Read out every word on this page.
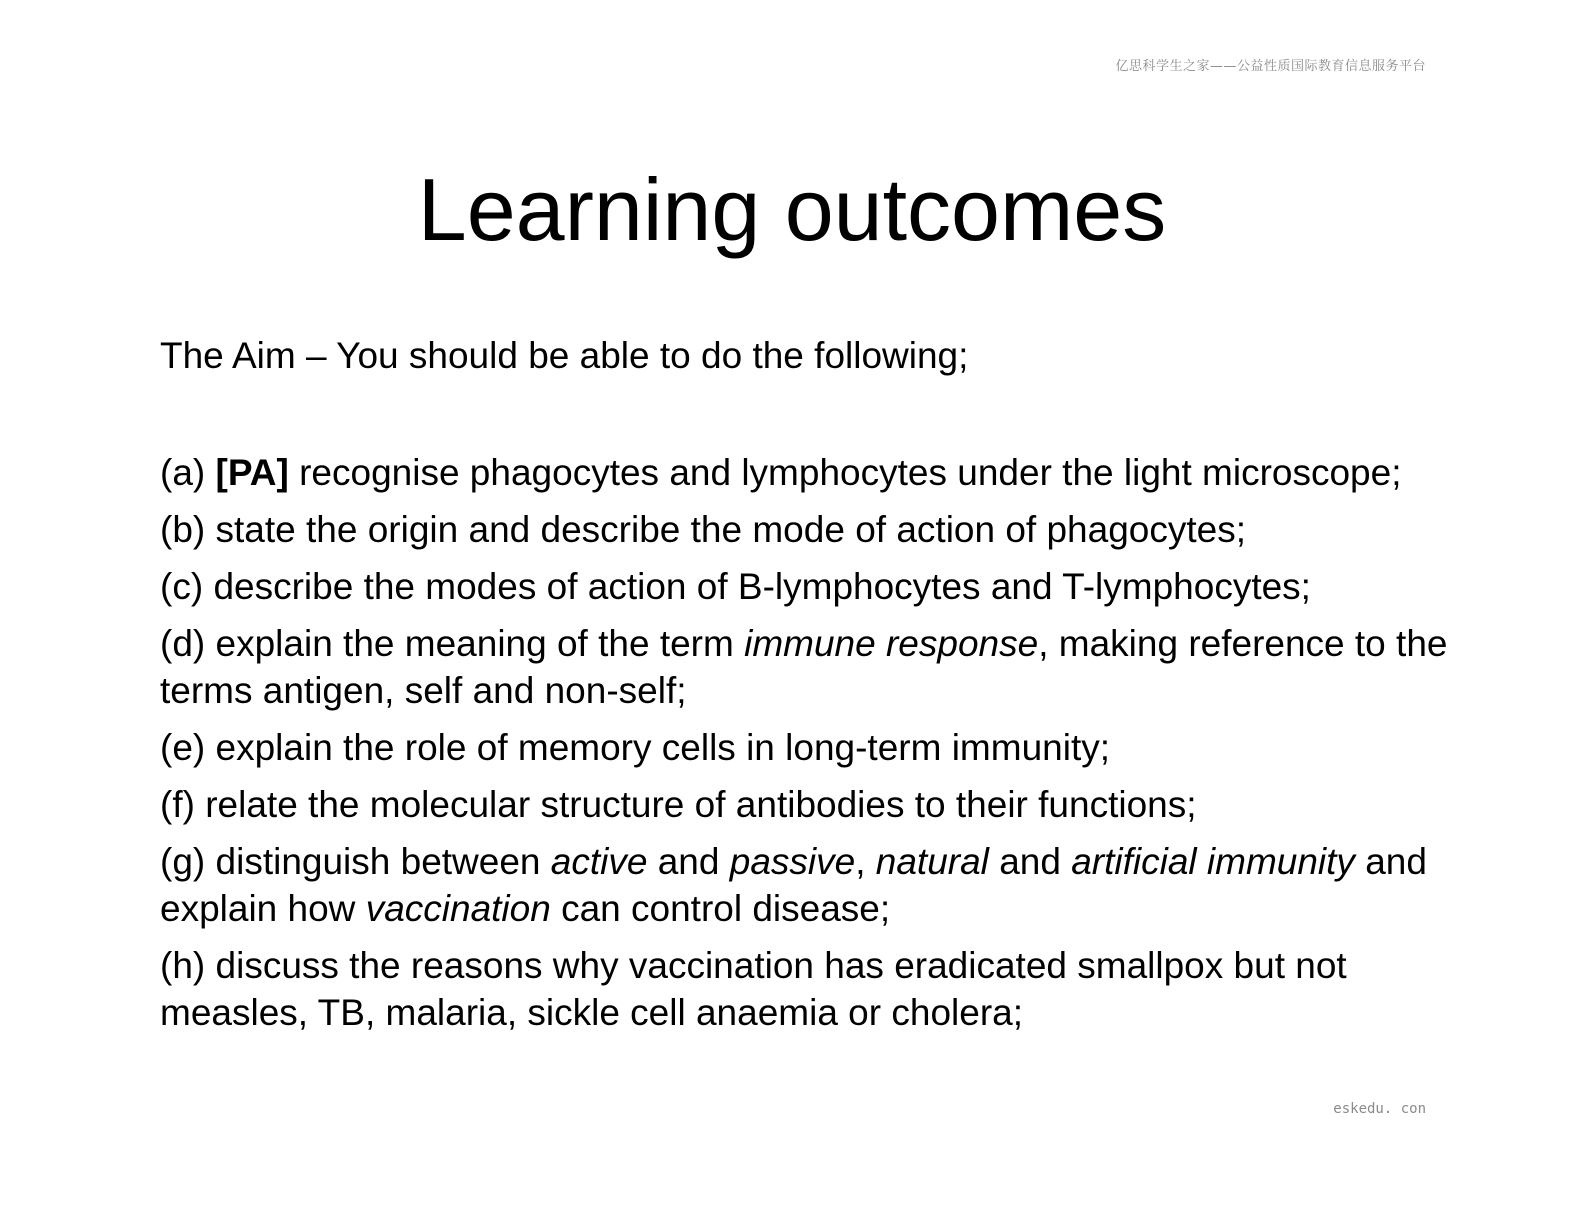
亿思科学生之家——公益性质国际教育信息服务平台
Learning outcomes

The Aim – You should be able to do the following;

(a) [PA] recognise phagocytes and lymphocytes under the light microscope;
(b) state the origin and describe the mode of action of phagocytes;
(c) describe the modes of action of B-lymphocytes and T-lymphocytes;
(d) explain the meaning of the term immune response, making reference to the terms antigen, self and non-self;
(e) explain the role of memory cells in long-term immunity;
(f) relate the molecular structure of antibodies to their functions;
(g) distinguish between active and passive, natural and artificial immunity and explain how vaccination can control disease;
(h) discuss the reasons why vaccination has eradicated smallpox but not measles, TB, malaria, sickle cell anaemia or cholera;
eskedu. con
